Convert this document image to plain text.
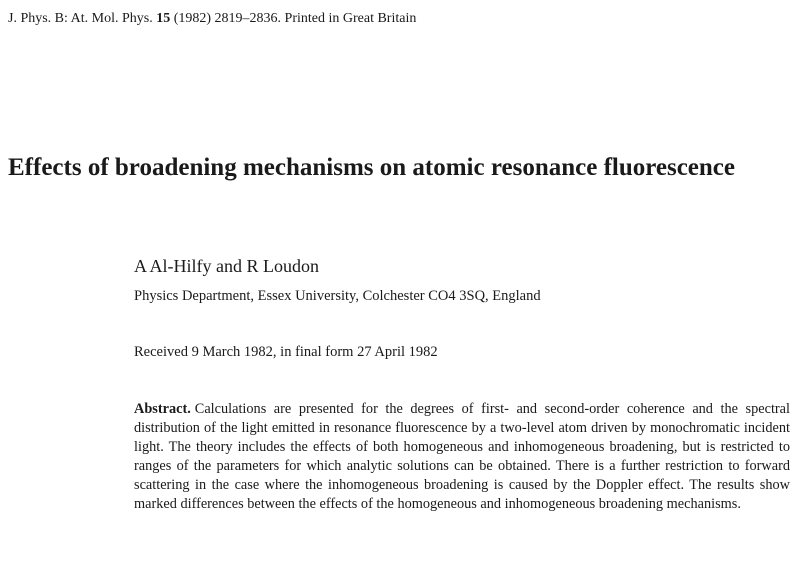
J. Phys. B: At. Mol. Phys. 15 (1982) 2819–2836. Printed in Great Britain
Effects of broadening mechanisms on atomic resonance fluorescence
A Al-Hilfy and R Loudon
Physics Department, Essex University, Colchester CO4 3SQ, England
Received 9 March 1982, in final form 27 April 1982

Abstract. Calculations are presented for the degrees of first- and second-order coherence and the spectral distribution of the light emitted in resonance fluorescence by a two-level atom driven by monochromatic incident light. The theory includes the effects of both homogeneous and inhomogeneous broadening, but is restricted to ranges of the parameters for which analytic solutions can be obtained. There is a further restriction to forward scattering in the case where the inhomogeneous broadening is caused by the Doppler effect. The results show marked differences between the effects of the homogeneous and inhomogeneous broadening mechanisms.
